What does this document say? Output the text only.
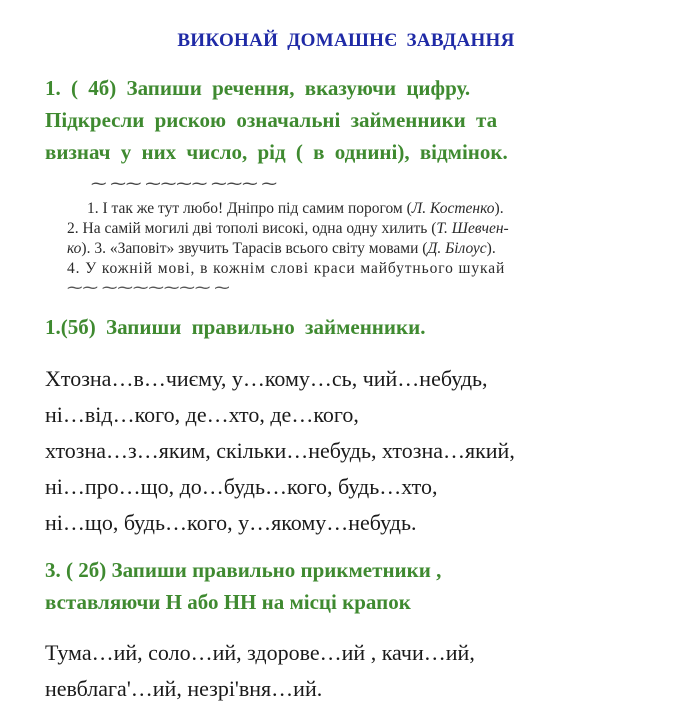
ВИКОНАЙ ДОМАШНЄ ЗАВДАННЯ
1. ( 4б) Запиши речення, вказуючи цифру.
Підкресли рискою означальні займенники та
визнач у них число, рід ( в однині), відмінок.
⁓ ⁓⁓ ⁓⁓⁓⁓ ⁓⁓⁓ ⁓
1. І так же тут любо! Дніпро під самим порогом (Л. Костенко).
2. На самій могилі дві тополі високі, одна одну хилить (Т. Шевчен-
ко). 3. «Заповіт» звучить Тарасів всього світу мовами (Д. Білоус).
4. У кожній мові, в кожнім слові краси майбутнього шукай
⁓⁓ ⁓⁓⁓⁓⁓⁓⁓ ⁓
1.(5б) Запиши правильно займенники.
Хтозна…в…чиєму, у…кому…сь, чий…небудь,
ні…від…кого, де…хто, де…кого,
хтозна…з…яким, скільки…небудь, хтозна…який,
ні…про…що, до…будь…кого, будь…хто,
ні…що, будь…кого, у…якому…небудь.
3. ( 2б) Запиши правильно прикметники ,
вставляючи Н або НН на місці крапок
Тума…ий, соло…ий, здорове…ий , качи…ий,
невблага'…ий, незрі'вня…ий.
